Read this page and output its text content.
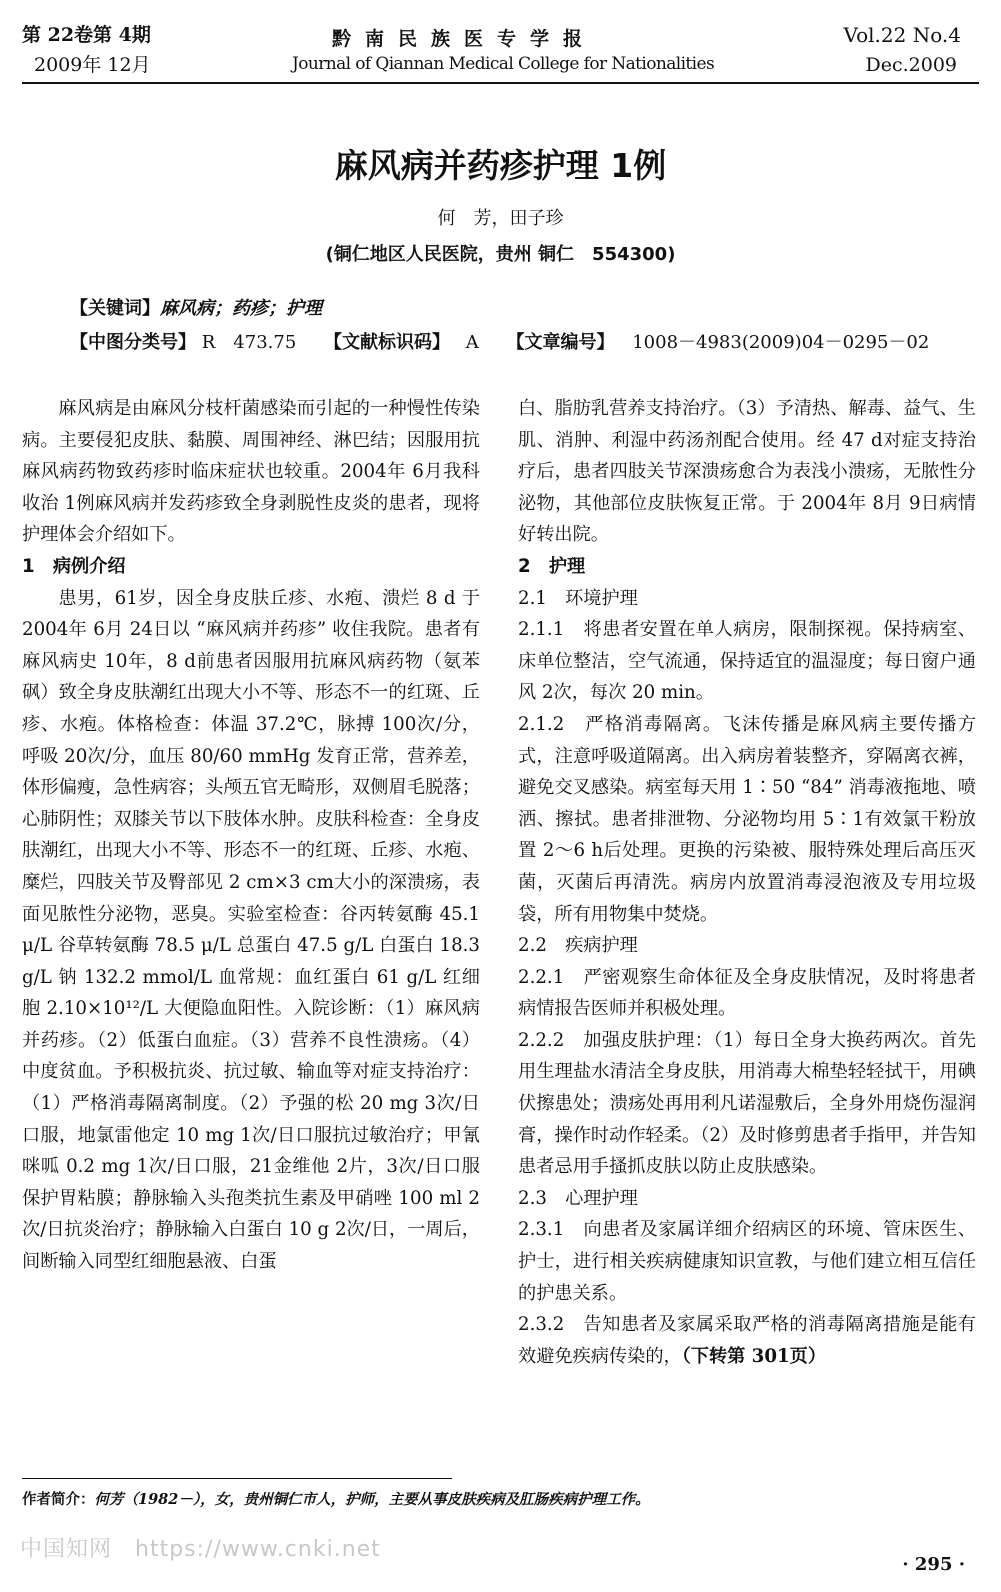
第 22卷第 4期
2009年 12月
黔南民族医专学报
Journal of Qiannan Medical College for Nationalities
Vol.22 No.4
Dec.2009
麻风病并药疹护理 1例
何　芳，田子珍
(铜仁地区人民医院，贵州 铜仁　554300)
【关键词】麻风病；药疹；护理
【中图分类号】 R　473.75 【文献标识码】 A 【文章编号】 1008－4983(2009)04－0295－02

麻风病是由麻风分枝杆菌感染而引起的一种慢性传染病。主要侵犯皮肤、黏膜、周围神经、淋巴结；因服用抗麻风病药物致药疹时临床症状也较重。2004年 6月我科收治 1例麻风病并发药疹致全身剥脱性皮炎的患者，现将护理体会介绍如下。

1　病例介绍

患男，61岁，因全身皮肤丘疹、水疱、溃烂 8 d 于 2004年 6月 24日以 “麻风病并药疹” 收住我院。患者有麻风病史 10年，8 d前患者因服用抗麻风病药物（氨苯砜）致全身皮肤潮红出现大小不等、形态不一的红斑、丘疹、水疱。体格检查：体温 37.2℃，脉搏 100次/分，呼吸 20次/分，血压 80/60 mmHg 发育正常，营养差，体形偏瘦，急性病容；头颅五官无畸形，双侧眉毛脱落；心肺阴性；双膝关节以下肢体水肿。皮肤科检查：全身皮肤潮红，出现大小不等、形态不一的红斑、丘疹、水疱、糜烂，四肢关节及臀部见 2 cm×3 cm大小的深溃疡，表面见脓性分泌物，恶臭。实验室检查：谷丙转氨酶 45.1 μ/L 谷草转氨酶 78.5 μ/L 总蛋白 47.5 g/L 白蛋白 18.3 g/L 钠 132.2 mmol/L 血常规：血红蛋白 61 g/L 红细胞 2.10×10¹²/L 大便隐血阳性。入院诊断：（1）麻风病并药疹。（2）低蛋白血症。（3）营养不良性溃疡。（4）中度贫血。予积极抗炎、抗过敏、输血等对症支持治疗：（1）严格消毒隔离制度。（2）予强的松 20 mg 3次/日口服，地氯雷他定 10 mg 1次/日口服抗过敏治疗；甲氰咪呱 0.2 mg 1次/日口服，21金维他 2片，3次/日口服保护胃粘膜；静脉输入头孢类抗生素及甲硝唑 100 ml 2次/日抗炎治疗；静脉输入白蛋白 10 g 2次/日，一周后，间断输入同型红细胞悬液、白蛋

白、脂肪乳营养支持治疗。（3）予清热、解毒、益气、生肌、消肿、利湿中药汤剂配合使用。经 47 d对症支持治疗后，患者四肢关节深溃疡愈合为表浅小溃疡，无脓性分泌物，其他部位皮肤恢复正常。于 2004年 8月 9日病情好转出院。

2　护理

2.1　环境护理

2.1.1　将患者安置在单人病房，限制探视。保持病室、床单位整洁，空气流通，保持适宜的温湿度；每日窗户通风 2次，每次 20 min。

2.1.2　严格消毒隔离。飞沫传播是麻风病主要传播方式，注意呼吸道隔离。出入病房着装整齐，穿隔离衣裤，避免交叉感染。病室每天用 1∶50 “84” 消毒液拖地、喷洒、擦拭。患者排泄物、分泌物均用 5∶1有效氯干粉放置 2～6 h后处理。更换的污染被、服特殊处理后高压灭菌，灭菌后再清洗。病房内放置消毒浸泡液及专用垃圾袋，所有用物集中焚烧。

2.2　疾病护理

2.2.1　严密观察生命体征及全身皮肤情况，及时将患者病情报告医师并积极处理。

2.2.2　加强皮肤护理：（1）每日全身大换药两次。首先用生理盐水清洁全身皮肤，用消毒大棉垫轻轻拭干，用碘伏擦患处；溃疡处再用利凡诺湿敷后，全身外用烧伤湿润膏，操作时动作轻柔。（2）及时修剪患者手指甲，并告知患者忌用手搔抓皮肤以防止皮肤感染。

2.3　心理护理

2.3.1　向患者及家属详细介绍病区的环境、管床医生、护士，进行相关疾病健康知识宣教，与他们建立相互信任的护患关系。

2.3.2　告知患者及家属采取严格的消毒隔离措施是能有效避免疾病传染的，（下转第 301页）

作者简介：何芳（1982－），女，贵州铜仁市人，护师，主要从事皮肤疾病及肛肠疾病护理工作。
中国知网　https://www.cnki.net
· 295 ·
